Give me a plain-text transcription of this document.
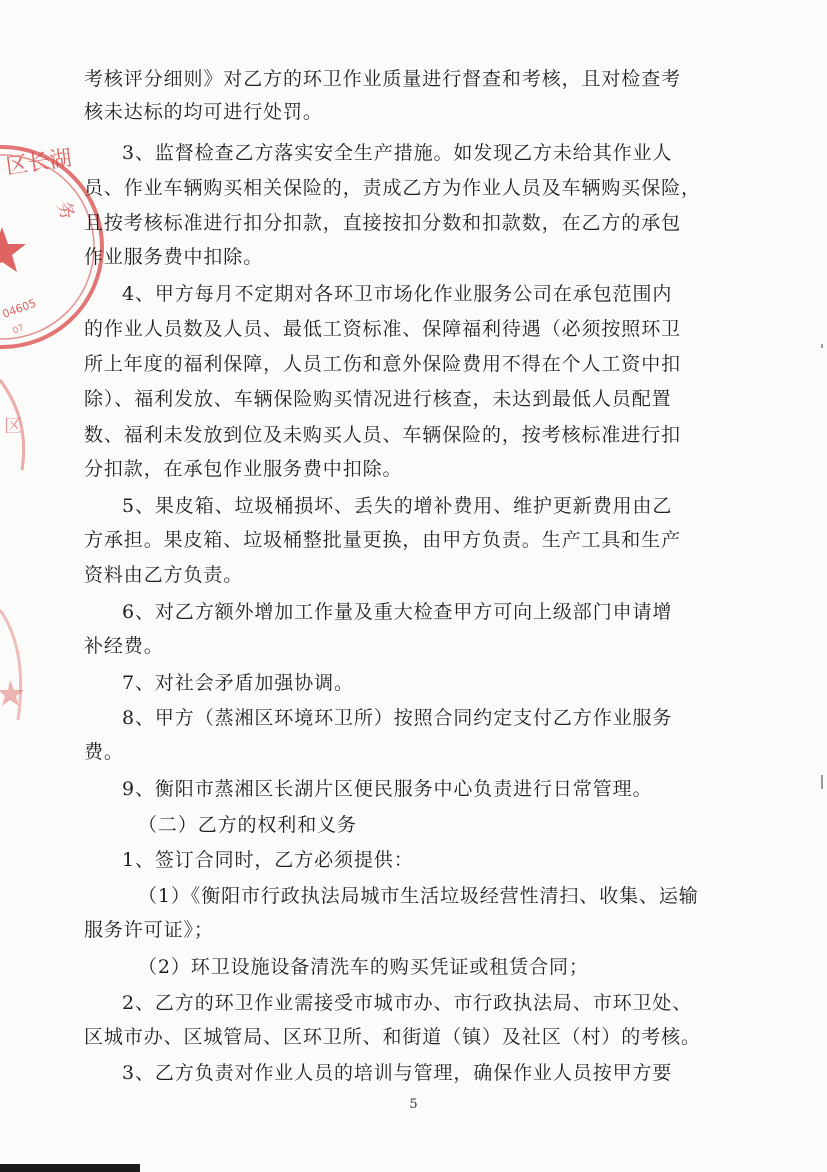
区长湖
务
04605
07
区
考核评分细则》对乙方的环卫作业质量进行督查和考核，且对检查考
核未达标的均可进行处罚。
3、监督检查乙方落实安全生产措施。如发现乙方未给其作业人
员、作业车辆购买相关保险的，责成乙方为作业人员及车辆购买保险，
且按考核标准进行扣分扣款，直接按扣分数和扣款数，在乙方的承包
作业服务费中扣除。
4、甲方每月不定期对各环卫市场化作业服务公司在承包范围内
的作业人员数及人员、最低工资标准、保障福利待遇（必须按照环卫
所上年度的福利保障，人员工伤和意外保险费用不得在个人工资中扣
除）、福利发放、车辆保险购买情况进行核查，未达到最低人员配置
数、福利未发放到位及未购买人员、车辆保险的，按考核标准进行扣
分扣款，在承包作业服务费中扣除。
5、果皮箱、垃圾桶损坏、丢失的增补费用、维护更新费用由乙
方承担。果皮箱、垃圾桶整批量更换，由甲方负责。生产工具和生产
资料由乙方负责。
6、对乙方额外增加工作量及重大检查甲方可向上级部门申请增
补经费。
7、对社会矛盾加强协调。
8、甲方（蒸湘区环境环卫所）按照合同约定支付乙方作业服务
费。
9、衡阳市蒸湘区长湖片区便民服务中心负责进行日常管理。
（二）乙方的权利和义务
1、签订合同时，乙方必须提供：
（1）《衡阳市行政执法局城市生活垃圾经营性清扫、收集、运输
服务许可证》；
（2）环卫设施设备清洗车的购买凭证或租赁合同；
2、乙方的环卫作业需接受市城市办、市行政执法局、市环卫处、
区城市办、区城管局、区环卫所、和街道（镇）及社区（村）的考核。
3、乙方负责对作业人员的培训与管理，确保作业人员按甲方要
5
